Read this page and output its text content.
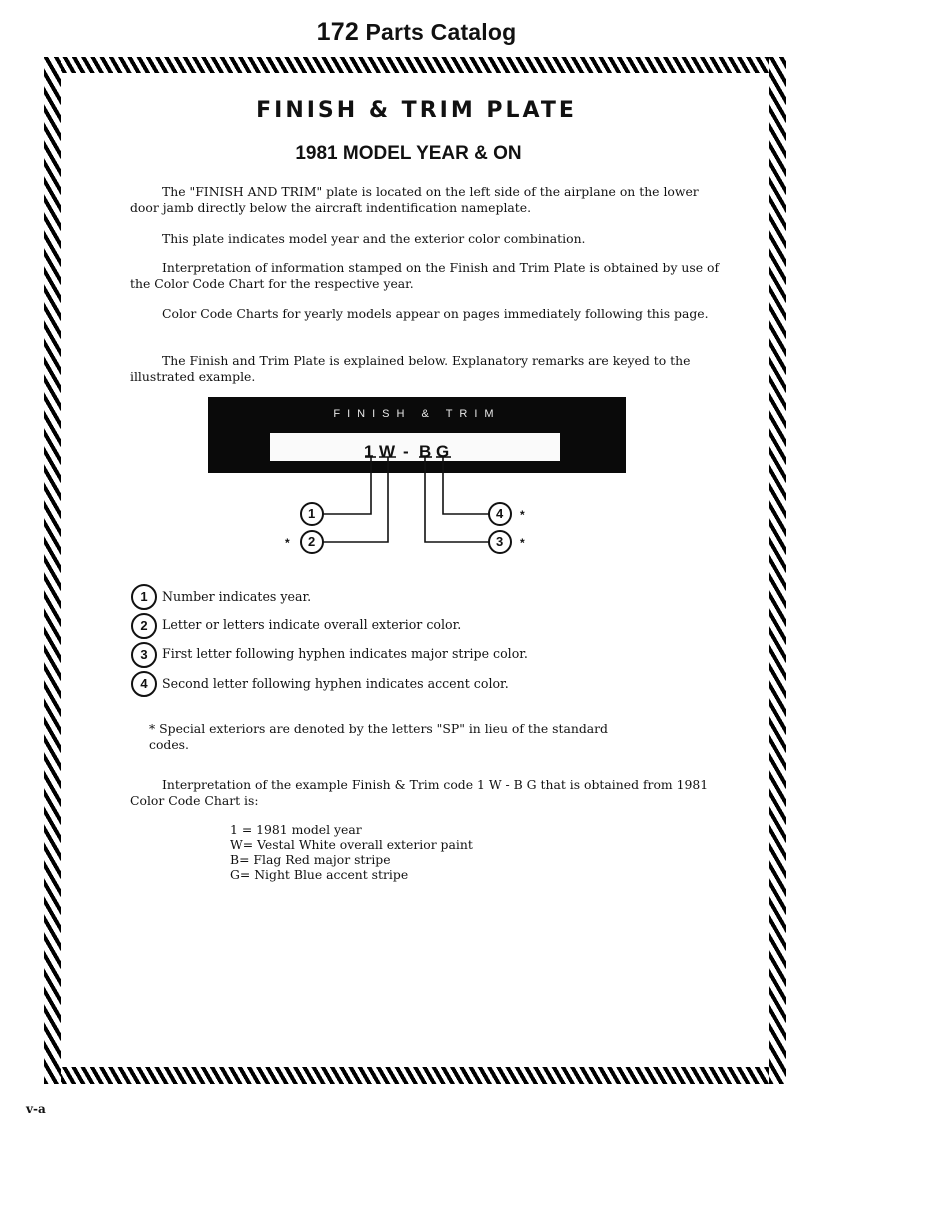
172 Parts Catalog
FINISH & TRIM PLATE
1981 MODEL YEAR & ON
The "FINISH AND TRIM" plate is located on the left side of the airplane on the lower door jamb directly below the aircraft indentification nameplate.
This plate indicates model year and the exterior color combination.
Interpretation of information stamped on the Finish and Trim Plate is obtained by use of the Color Code Chart for the respective year.
Color Code Charts for yearly models appear on pages immediately following this page.
The Finish and Trim Plate is explained below. Explanatory remarks are keyed to the illustrated example.
FINISH & TRIM
1 W - B G
1
2	3
4
*	*
*
1	Number indicates year.
2	Letter or letters indicate overall exterior color.
3	First letter following hyphen indicates major stripe color.
4	Second letter following hyphen indicates accent color.
* Special exteriors are denoted by the letters "SP" in lieu of the standard codes.
Interpretation of the example Finish & Trim code 1 W - B G that is obtained from 1981 Color Code Chart is:
1 = 1981 model year
W= Vestal White overall exterior paint
B= Flag Red major stripe
G= Night Blue accent stripe
v-a
